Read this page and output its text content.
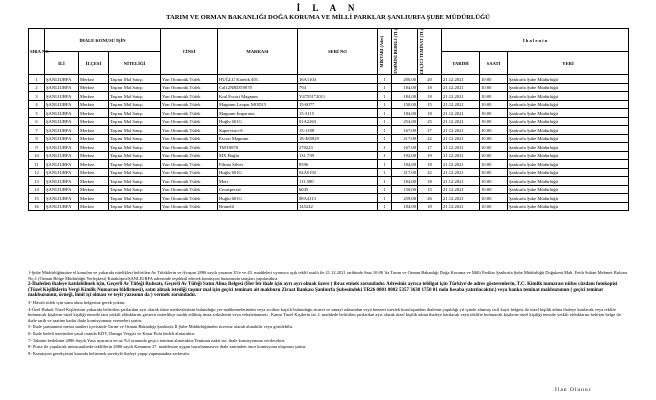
İ L A N
TARIM VE ORMAN BAKANLIĞI DOĞA KORUMA VE MİLLİ PARKLAR ŞANLIURFA ŞUBE MÜDÜRLÜĞÜ
SIRA NO	İHALE KONUSU İŞİN			CİNSİ	MARKASI	SERİ NO	MİKTARI (Adet)	TAHMİNİ BEDELİ (TL)	GEÇİCİ TEMİNAT (TL)	İ h a l e n i n		
	İLİ	İLÇESİ	NİTELİĞİ							TARİHİ	SAATİ	YERİ
1	ŞANLIURFA	Merkez	Taşınır Mal Satışı	Yarı Otomotik Tüfek	HUĞLU Kinetik 401.	16A1104	1	200,00	20	21.12.2021	10:00	Şanlıurfa Şube Müdürlüğü
2	ŞANLIURFA	Merkez	Taşınır Mal Satışı	Yarı Otomotik Tüfek	Cal12NRDTS870	794	1	184,00	18	21.12.2021	10:00	Şanlıurfa Şube Müdürlüğü
3	ŞANLIURFA	Merkez	Taşınır Mal Satışı	Yarı Otomotik Tüfek	Kral Escort Magnum	Y47551*2011	1	184,00	18	21.12.2021	10:00	Şanlıurfa Şube Müdürlüğü
4	ŞANLIURFA	Merkez	Taşınır Mal Satışı	Yarı Otomotik Tüfek	Magnum Leopar MOD15	15-0077	1	150,00	15	21.12.2021	10:00	Şanlıurfa Şube Müdürlüğü
5	ŞANLIURFA	Merkez	Taşınır Mal Satışı	Yarı Otomotik Tüfek	Magnum İmparator	15-3115	1	184,00	18	21.12.2021	10:00	Şanlıurfa Şube Müdürlüğü
6	ŞANLIURFA	Merkez	Taşınır Mal Satışı	Yarı Otomotik Tüfek	Huğlu 601G	01A2263	1	254,00	25	21.12.2021	10:00	Şanlıurfa Şube Müdürlüğü
7	ŞANLIURFA	Merkez	Taşınır Mal Satışı	Yarı Otomotik Tüfek	Supervisio-S	15-1188	1	167,00	17	21.12.2021	10:00	Şanlıurfa Şube Müdürlüğü
8	ŞANLIURFA	Merkez	Taşınır Mal Satışı	Yarı Otomotik Tüfek	Escort Magnum	18-485829	1	217,00	22	21.12.2021	10:00	Şanlıurfa Şube Müdürlüğü
9	ŞANLIURFA	Merkez	Taşınır Mal Satışı	Yarı Otomotik Tüfek	TMTS870	270223	1	167,00	17	21.12.2021	10:00	Şanlıurfa Şube Müdürlüğü
10	ŞANLIURFA	Merkez	Taşınır Mal Satışı	Yarı Otomotik Tüfek	MX Huğlu	131.739	1	192,00	19	21.12.2021	10:00	Şanlıurfa Şube Müdürlüğü
11	ŞANLIURFA	Merkez	Taşınır Mal Satışı	Yarı Otomotik Tüfek	Filinta Silver	8596	1	184,00	18	21.12.2021	10:00	Şanlıurfa Şube Müdürlüğü
12	ŞANLIURFA	Merkez	Taşınır Mal Satışı	Yarı Otomotik Tüfek	Huğlu 601G	04A0192	1	217,00	22	21.12.2021	10:00	Şanlıurfa Şube Müdürlüğü
13	ŞANLIURFA	Merkez	Taşınır Mal Satışı	Yarı Otomotik Tüfek	Mert	111.580	1	184,00	18	21.12.2021	10:00	Şanlıurfa Şube Müdürlüğü
14	ŞANLIURFA	Merkez	Taşınır Mal Satışı	Yarı Otomotik Tüfek	Cesaspecial	6045	1	150,00	15	21.12.2021	10:00	Şanlıurfa Şube Müdürlüğü
15	ŞANLIURFA	Merkez	Taşınır Mal Satışı	Yarı Otomotik Tüfek	Huğlu 601G	08A4113	1	259,00	26	21.12.2021	10:00	Şanlıurfa Şube Müdürlüğü
16	ŞANLIURFA	Merkez	Taşınır Mal Satışı	Yarı Otomotik Tüfek	Brunelli	145242	1	184,00	18	21.12.2021	10:00	Şanlıurfa Şube Müdürlüğü

1-Şube Müdürlüğümüze el konulan ve yukarıda nitelikleri belirtilen Av Tüfeklerin ve Avaşım 2886 sayılı yasanın 35/e ve 45. maddeleri uyarınca açık teklif usulü ile 21.12.2021 tarihinde Saat 10:00 'da Tarım ve Orman Bakanlığı Doğa Koruma ve Milli Parklar Şanlıurfa Şube Müdürlüğü Doğukent Mah. Fetih Sultan Mehmet Bulvarı No:1 (Orman Bölge Müdürlüğü Yerleşkesi) Karaköprü/ŞANLIURFA adresinde teşekkül edecek komisyon huzurunda satışları yapılacaktır.

2-İhaleden ihaleye katılabilmek için, Geçerli Av Tüfeği Ruhsatı, Geçerli Av Tüfeği Satın Alma Belgesi (Her bir ihale için ayrı ayrı olmak üzere ) ibraz etmek zorundadır. Adresiniz ayrıca tebligat için Türkiye'de adres gösterenlerin, T.C. Kimlik numarası nüfus cüzdanı fotokopisi (Tüzel Kişiliklerin Vergi Kimlik Numarası bildirmesi), satın almak istediği taşınır mal için geçici teminatı ait makbuzu Ziraat Bankası Şanlıurfa Şubesindeki TR26 0001 0002 5357 3638 1750 01 nolu hesaba yatırılacaktır.) veya banka teminat makbuzunun ( geçici teminat makbuzunun, örneği, limit içi olması ve teyit yazısının da ) vermek zorundadır.

3- Havalı tüfek için satın alma belgesine gerek yoktur.

4-Özel Hukuk Tüzel Kişilerinin yukarıda belirtilen şartlardan ayrı olarak idare merkezlerinin bulunduğu yer mahkemelerinden veya siciline kayıtlı bulunduğu ticaret ve sanayi odasından veya benzeri meslek kuruluşundan ihalenin yapıldığı yıl içinde alınmış sicil kayıt belgesi ile tüzel kişilik adına ihaleye katılacak veya teklife bulunacak kişilerin tüzel kişiliği temsile tam yetkili olduklarını gösterir noterlikçe tasdik edilmiş imza sirkülerini veya vekaletnamesi , Kamu Tüzel Kişilerin ise 2. maddede belirtilen şartlardan ayrı olarak tüzel kişilik adına ihaleye katılacak veya teklifte bulunacak kişilerin tüzel kişiliği temsile yetkili olduklarını belirten belge ile ihale tarih ve saatine kadar ihale komisyonuna vermeleri şarttır.

5- İhale şartnamesi mesai saatleri içerisinde Tarım ve Orman Bakanlığı Şanlıurfa İl Şube Müdürlüğünden ücretsiz olarak alınabilir veya görülebilir.

6- İhale bedeli üzerinden yasal oranda KDV, Damga Vergisi ve Karar Pulu bedeli alınacaktır.

7- Tahmin bedelinin 2886 Sayılı Yasa uyarınca en az %3 oranında geçici teminat alınacaktır.Teminatı nakit ise, ihale komisyonuna verilecektir.

8- Posta ile yapılacak müracaatlarda tekliflerin 2886 sayılı Kanunun 37. maddesine uygun hazırlanmasıve ihale saatinden önce komisyona ulaşması şarttır.

9- Komisyon gerekçesini karında belirtmek suretiyle ihaleyi yapıp yapmamakta serbesttir.

İlan Olunur
